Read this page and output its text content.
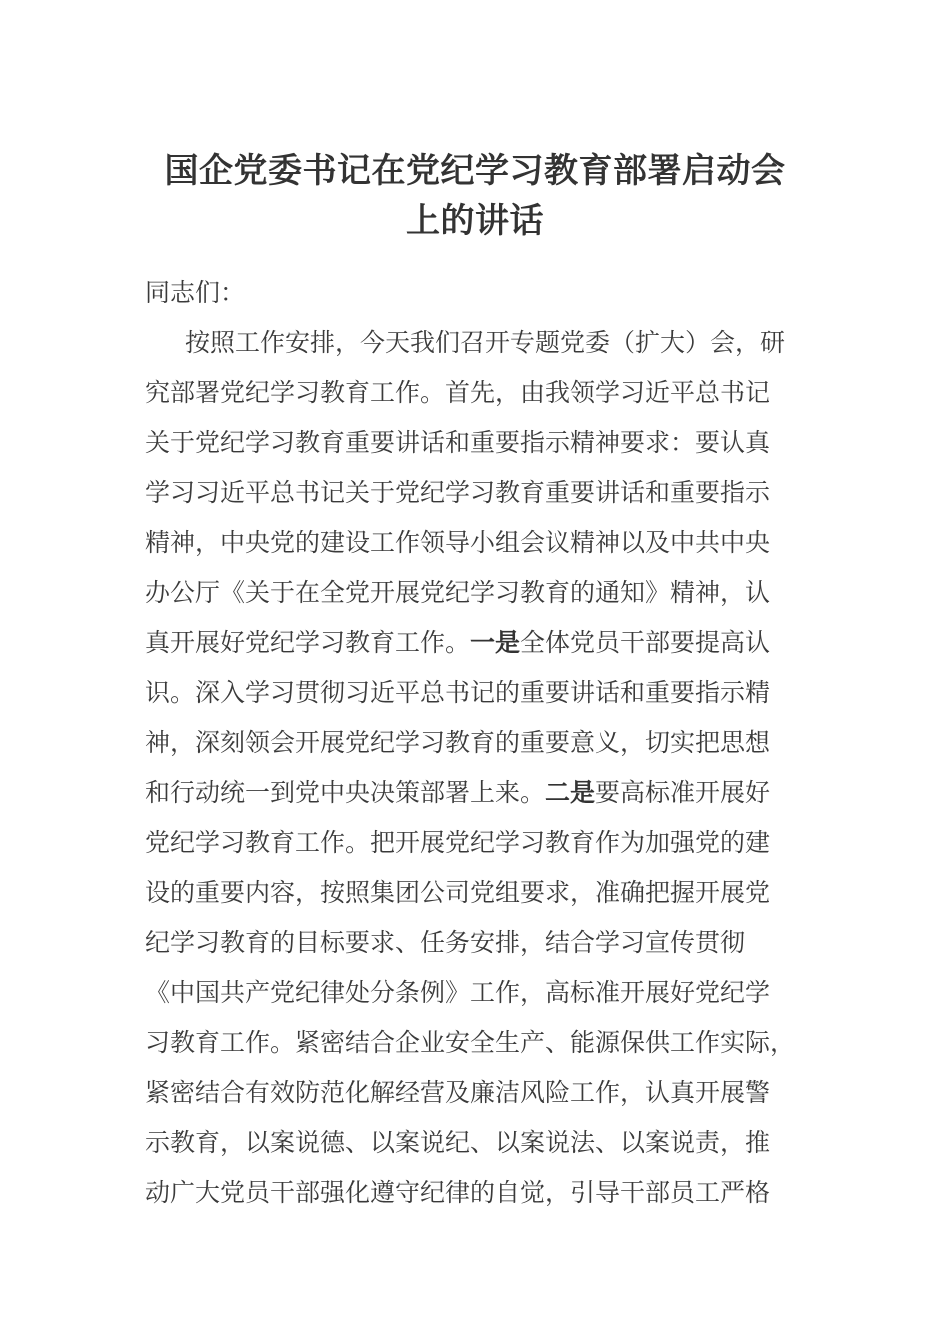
国企党委书记在党纪学习教育部署启动会
上的讲话

同志们：

按照工作安排，今天我们召开专题党委（扩大）会，研
究部署党纪学习教育工作。首先，由我领学习近平总书记
关于党纪学习教育重要讲话和重要指示精神要求：要认真
学习习近平总书记关于党纪学习教育重要讲话和重要指示
精神，中央党的建设工作领导小组会议精神以及中共中央
办公厅《关于在全党开展党纪学习教育的通知》精神，认
真开展好党纪学习教育工作。一是全体党员干部要提高认
识。深入学习贯彻习近平总书记的重要讲话和重要指示精
神，深刻领会开展党纪学习教育的重要意义，切实把思想
和行动统一到党中央决策部署上来。二是要高标准开展好
党纪学习教育工作。把开展党纪学习教育作为加强党的建
设的重要内容，按照集团公司党组要求，准确把握开展党
纪学习教育的目标要求、任务安排，结合学习宣传贯彻
《中国共产党纪律处分条例》工作，高标准开展好党纪学
习教育工作。紧密结合企业安全生产、能源保供工作实际，
紧密结合有效防范化解经营及廉洁风险工作，认真开展警
示教育，以案说德、以案说纪、以案说法、以案说责，推
动广大党员干部强化遵守纪律的自觉，引导干部员工严格
